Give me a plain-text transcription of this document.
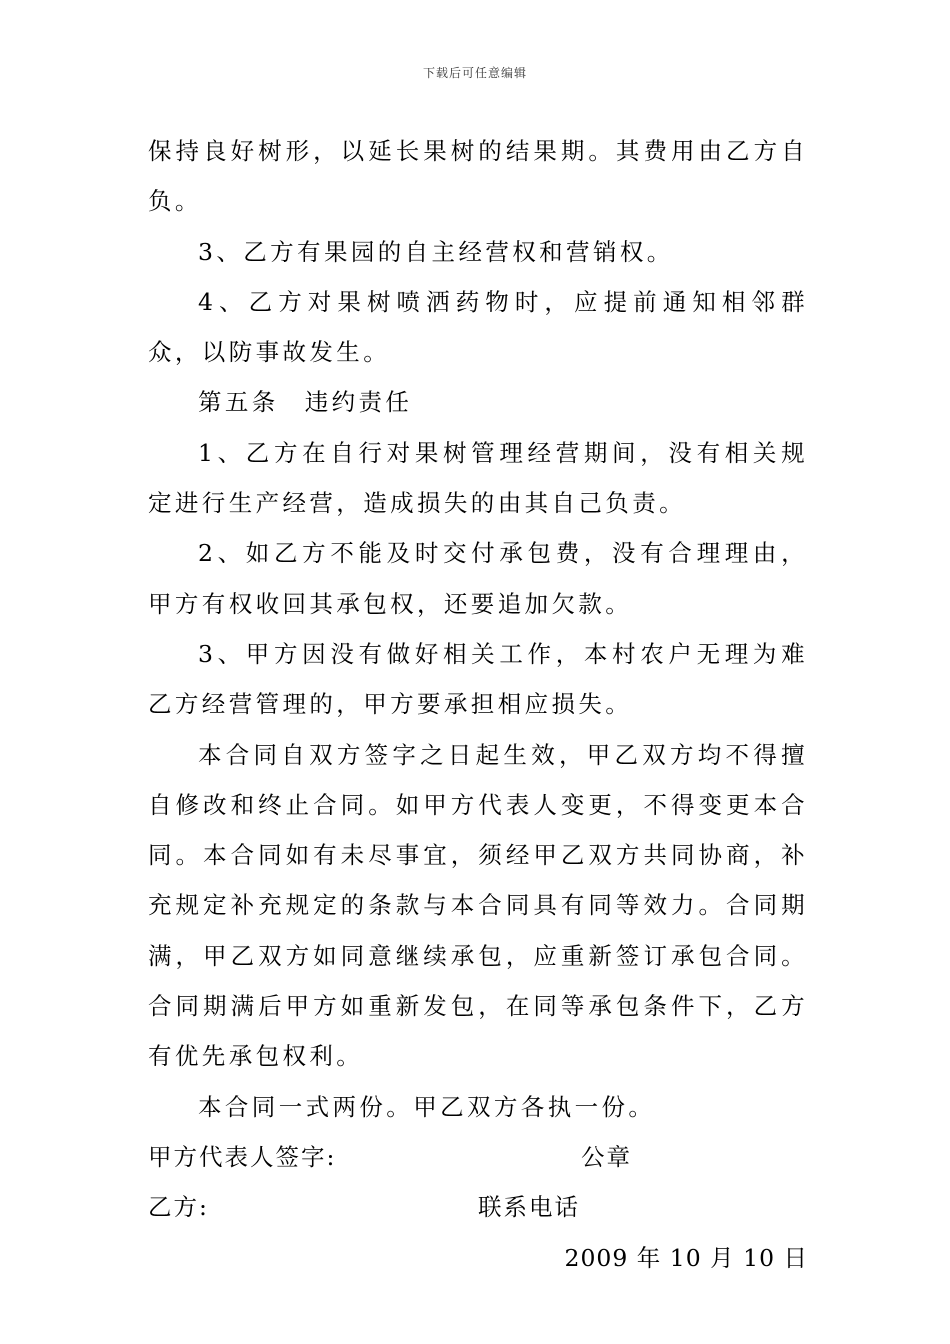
下载后可任意编辑

保持良好树形，以延长果树的结果期。其费用由乙方自负。

3、乙方有果园的自主经营权和营销权。

4、乙方对果树喷洒药物时，应提前通知相邻群众，以防事故发生。

第五条 违约责任

1、乙方在自行对果树管理经营期间，没有相关规定进行生产经营，造成损失的由其自己负责。

2、如乙方不能及时交付承包费，没有合理理由，甲方有权收回其承包权，还要追加欠款。

3、甲方因没有做好相关工作，本村农户无理为难乙方经营管理的，甲方要承担相应损失。

本合同自双方签字之日起生效，甲乙双方均不得擅自修改和终止合同。如甲方代表人变更，不得变更本合同。本合同如有未尽事宜，须经甲乙双方共同协商，补充规定补充规定的条款与本合同具有同等效力。合同期满，甲乙双方如同意继续承包，应重新签订承包合同。合同期满后甲方如重新发包，在同等承包条件下，乙方有优先承包权利。

本合同一式两份。甲乙双方各执一份。

甲方代表人签字:	公章
乙方:	联系电话

2009 年 10 月 10 日
